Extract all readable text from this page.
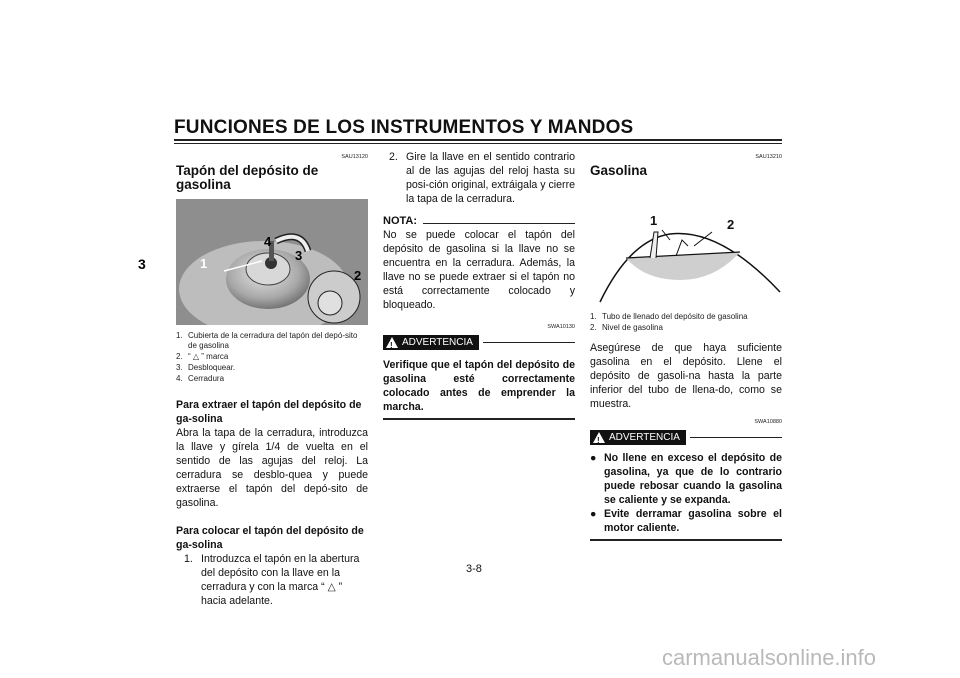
FUNCIONES DE LOS INSTRUMENTOS Y MANDOS
3
SAU13120
Tapón del depósito de gasolina
1
2
3
4
1. Cubierta de la cerradura del tapón del depó-sito de gasolina
2. “ △ ” marca
3. Desbloquear.
4. Cerradura
Para extraer el tapón del depósito de ga-solina
Abra la tapa de la cerradura, introduzca la llave y gírela 1/4 de vuelta en el sentido de las agujas del reloj. La cerradura se desblo-quea y puede extraerse el tapón del depó-sito de gasolina.
Para colocar el tapón del depósito de ga-solina
1. Introduzca el tapón en la abertura del depósito con la llave en la cerradura y con la marca “ △ ” hacia adelante.
2. Gire la llave en el sentido contrario al de las agujas del reloj hasta su posi-ción original, extráigala y cierre la tapa de la cerradura.
NOTA:
No se puede colocar el tapón del depósito de gasolina si la llave no se encuentra en la cerradura. Además, la llave no se puede extraer si el tapón no está correctamente colocado y bloqueado.
SWA10130
! ADVERTENCIA
Verifique que el tapón del depósito de gasolina esté correctamente colocado antes de emprender la marcha.
SAU13210
Gasolina
1	2
1. Tubo de llenado del depósito de gasolina
2. Nivel de gasolina
Asegúrese de que haya suficiente gasolina en el depósito. Llene el depósito de gasoli-na hasta la parte inferior del tubo de llena-do, como se muestra.
SWA10880
! ADVERTENCIA
● No llene en exceso el depósito de gasolina, ya que de lo contrario puede rebosar cuando la gasolina se caliente y se expanda.
● Evite derramar gasolina sobre el motor caliente.
3-8
carmanualsonline.info
